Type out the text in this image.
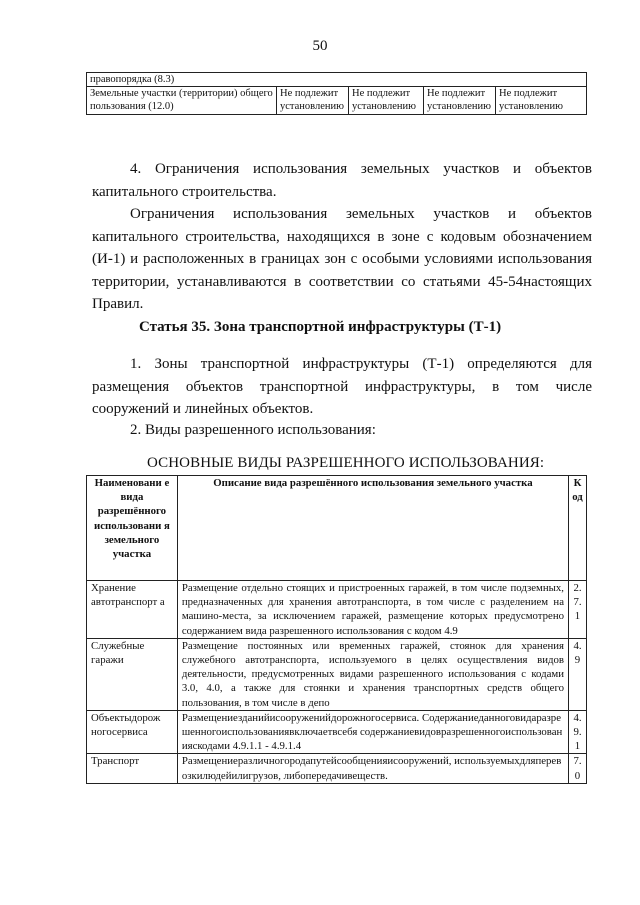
50
правопорядка (8.3)
Земельные участки (территории) общего пользования (12.0)	Не подлежит установлению	Не подлежит установлению	Не подлежит установлению	Не подлежит установлению

4. Ограничения использования земельных участков и объектов капитального строительства.

Ограничения использования земельных участков и объектов капитального строительства, находящихся в зоне с кодовым обозначением (И-1) и расположенных в границах зон с особыми условиями использования территории, устанавливаются в соответствии со статьями 45-54настоящих Правил.

Статья 35. Зона транспортной инфраструктуры (Т-1)

1. Зоны транспортной инфраструктуры (Т-1) определяются для размещения объектов транспортной инфраструктуры, в том числе сооружений и линейных объектов.

2. Виды разрешенного использования:

ОСНОВНЫЕ ВИДЫ РАЗРЕШЕННОГО ИСПОЛЬЗОВАНИЯ:
Наименовани е вида разрешённого использовани я земельного участка	Описание вида разрешённого использования земельного участка	К од
Хранение автотранспорт а	Размещение отдельно стоящих и пристроенных гаражей, в том числе подземных, предназначенных для хранения автотранспорта, в том числе с разделением на машино-места, за исключением гаражей, размещение которых предусмотрено содержанием вида разрешенного использования с кодом 4.9	2. 7. 1
Служебные гаражи	Размещение постоянных или временных гаражей, стоянок для хранения служебного автотранспорта, используемого в целях осуществления видов деятельности, предусмотренных видами разрешенного использования с кодами 3.0, 4.0, а также для стоянки и хранения транспортных средств общего пользования, в том числе в депо	4. 9
Объектыдорож ногосервиса	Размещениезданийисооруженийдорожногосервиса. Содержаниеданноговидаразрешенногоиспользованиявключаетвсебя содержаниевидовразрешенногоиспользованияскодами 4.9.1.1 - 4.9.1.4	4. 9. 1
Транспорт	Размещениеразличногородапутейсообщенияисооружений, используемыхдляперевозкилюдейилигрузов, либопередачивеществ.	7. 0
